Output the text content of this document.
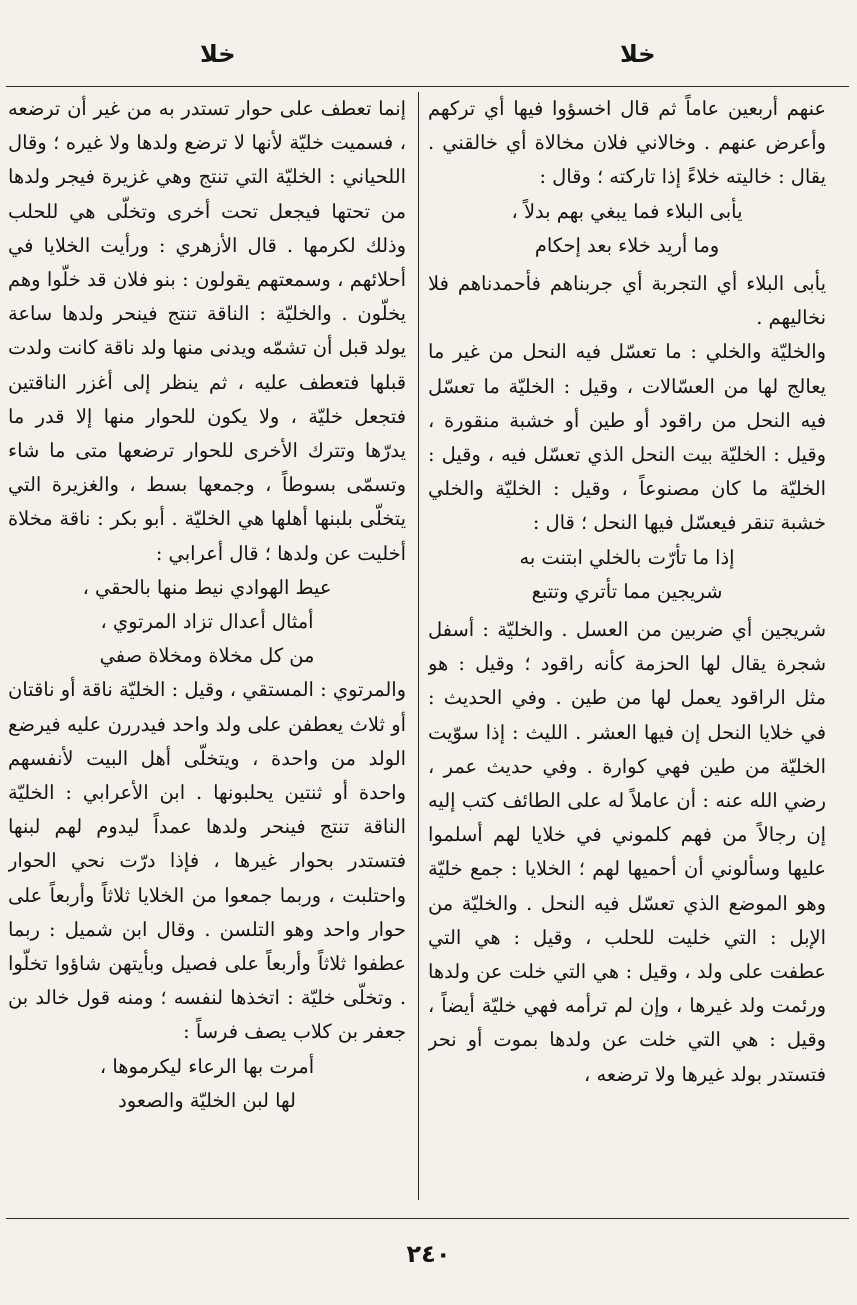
خلا
خلا

عنهم أربعين عاماً ثم قال اخسؤوا فيها أي تركهم وأعرض عنهم . وخالاني فلان مخالاة أي خالقني . يقال : خاليته خلاءً إذا تاركته ؛ وقال :

يأبى البلاء فما يبغي بهم بدلاً ،

وما أريد خلاء بعد إحكام

يأبى البلاء أي التجربة أي جربناهم فأحمدناهم فلا نخاليهم .

والخليّة والخلي : ما تعسّل فيه النحل من غير ما يعالج لها من العسّالات ، وقيل : الخليّة ما تعسّل فيه النحل من راقود أو طين أو خشبة منقورة ، وقيل : الخليّة بيت النحل الذي تعسّل فيه ، وقيل : الخليّة ما كان مصنوعاً ، وقيل : الخليّة والخلي خشبة تنقر فيعسّل فيها النحل ؛ قال :

إذا ما تأرّت بالخلي ابتنت به

شريجين مما تأتري وتتبع

شريجين أي ضربين من العسل . والخليّة : أسفل شجرة يقال لها الحزمة كأنه راقود ؛ وقيل : هو مثل الراقود يعمل لها من طين . وفي الحديث : في خلايا النحل إن فيها العشر . الليث : إذا سوّيت الخليّة من طين فهي كوارة . وفي حديث عمر ، رضي الله عنه : أن عاملاً له على الطائف كتب إليه إن رجالاً من فهم كلموني في خلايا لهم أسلموا عليها وسألوني أن أحميها لهم ؛ الخلايا : جمع خليّة وهو الموضع الذي تعسّل فيه النحل . والخليّة من الإبل : التي خليت للحلب ، وقيل : هي التي عطفت على ولد ، وقيل : هي التي خلت عن ولدها ورئمت ولد غيرها ، وإن لم ترأمه فهي خليّة أيضاً ، وقيل : هي التي خلت عن ولدها بموت أو نحر فتستدر بولد غيرها ولا ترضعه ،

إنما تعطف على حوار تستدر به من غير أن ترضعه ، فسميت خليّة لأنها لا ترضع ولدها ولا غيره ؛ وقال اللحياني : الخليّة التي تنتج وهي غزيرة فيجر ولدها من تحتها فيجعل تحت أخرى وتخلّى هي للحلب وذلك لكرمها . قال الأزهري : ورأيت الخلايا في أحلائهم ، وسمعتهم يقولون : بنو فلان قد خلّوا وهم يخلّون . والخليّة : الناقة تنتج فينحر ولدها ساعة يولد قبل أن تشمّه ويدنى منها ولد ناقة كانت ولدت قبلها فتعطف عليه ، ثم ينظر إلى أغزر الناقتين فتجعل خليّة ، ولا يكون للحوار منها إلا قدر ما يدرّها وتترك الأخرى للحوار ترضعها متى ما شاء وتسمّى بسوطاً ، وجمعها بسط ، والغزيرة التي يتخلّى بلبنها أهلها هي الخليّة . أبو بكر : ناقة مخلاة أخليت عن ولدها ؛ قال أعرابي :

عيط الهوادي نيط منها بالحقي ،

أمثال أعدال تزاد المرتوي ،

من كل مخلاة ومخلاة صفي

والمرتوي : المستقي ، وقيل : الخليّة ناقة أو ناقتان أو ثلاث يعطفن على ولد واحد فيدررن عليه فيرضع الولد من واحدة ، ويتخلّى أهل البيت لأنفسهم واحدة أو ثنتين يحلبونها . ابن الأعرابي : الخليّة الناقة تنتج فينحر ولدها عمداً ليدوم لهم لبنها فتستدر بحوار غيرها ، فإذا درّت نحي الحوار واحتلبت ، وربما جمعوا من الخلايا ثلاثاً وأربعاً على حوار واحد وهو التلسن . وقال ابن شميل : ربما عطفوا ثلاثاً وأربعاً على فصيل وبأيتهن شاؤوا تخلّوا . وتخلّى خليّة : اتخذها لنفسه ؛ ومنه قول خالد بن جعفر بن كلاب يصف فرساً :

أمرت بها الرعاء ليكرموها ،

لها لبن الخليّة والصعود

٢٤٠
